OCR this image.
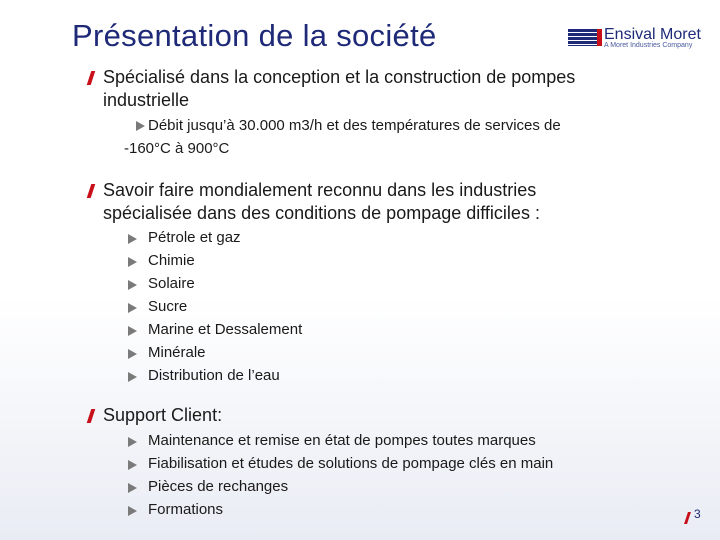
Présentation de la société	Ensival Moret
A Moret Industries Company
Spécialisé dans la conception et la construction de pompes
industrielle
Débit jusqu’à 30.000 m3/h et des températures de services de
-160°C à 900°C
Savoir faire mondialement reconnu dans les industries
spécialisée dans des conditions de pompage difficiles :
Pétrole et gaz
Chimie
Solaire
Sucre
Marine et Dessalement
Minérale
Distribution de l’eau
Support Client:
Maintenance et remise en état de pompes toutes marques
Fiabilisation et études de solutions de pompage clés en main
Pièces de rechanges
Formations	3
